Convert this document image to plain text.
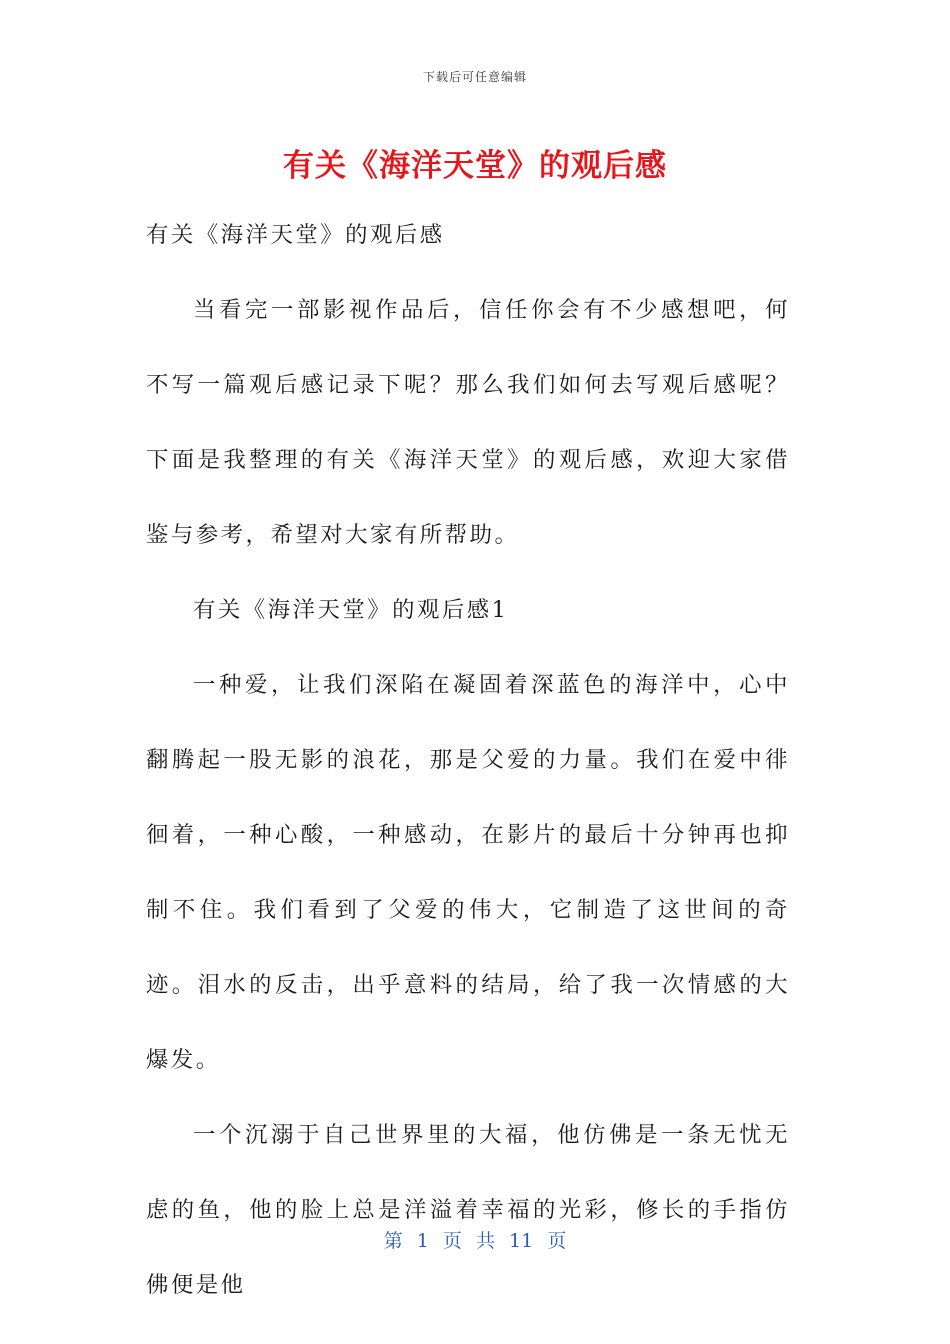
下载后可任意编辑
有关《海洋天堂》的观后感

有关《海洋天堂》的观后感

当看完一部影视作品后，信任你会有不少感想吧，何不写一篇观后感记录下呢？那么我们如何去写观后感呢？下面是我整理的有关《海洋天堂》的观后感，欢迎大家借鉴与参考，希望对大家有所帮助。

有关《海洋天堂》的观后感1

一种爱，让我们深陷在凝固着深蓝色的海洋中，心中翻腾起一股无影的浪花，那是父爱的力量。我们在爱中徘徊着，一种心酸，一种感动，在影片的最后十分钟再也抑制不住。我们看到了父爱的伟大，它制造了这世间的奇迹。泪水的反击，出乎意料的结局，给了我一次情感的大爆发。

一个沉溺于自己世界里的大福，他仿佛是一条无忧无虑的鱼，他的脸上总是洋溢着幸福的光彩，修长的手指仿佛便是他

第 1 页 共 11 页
